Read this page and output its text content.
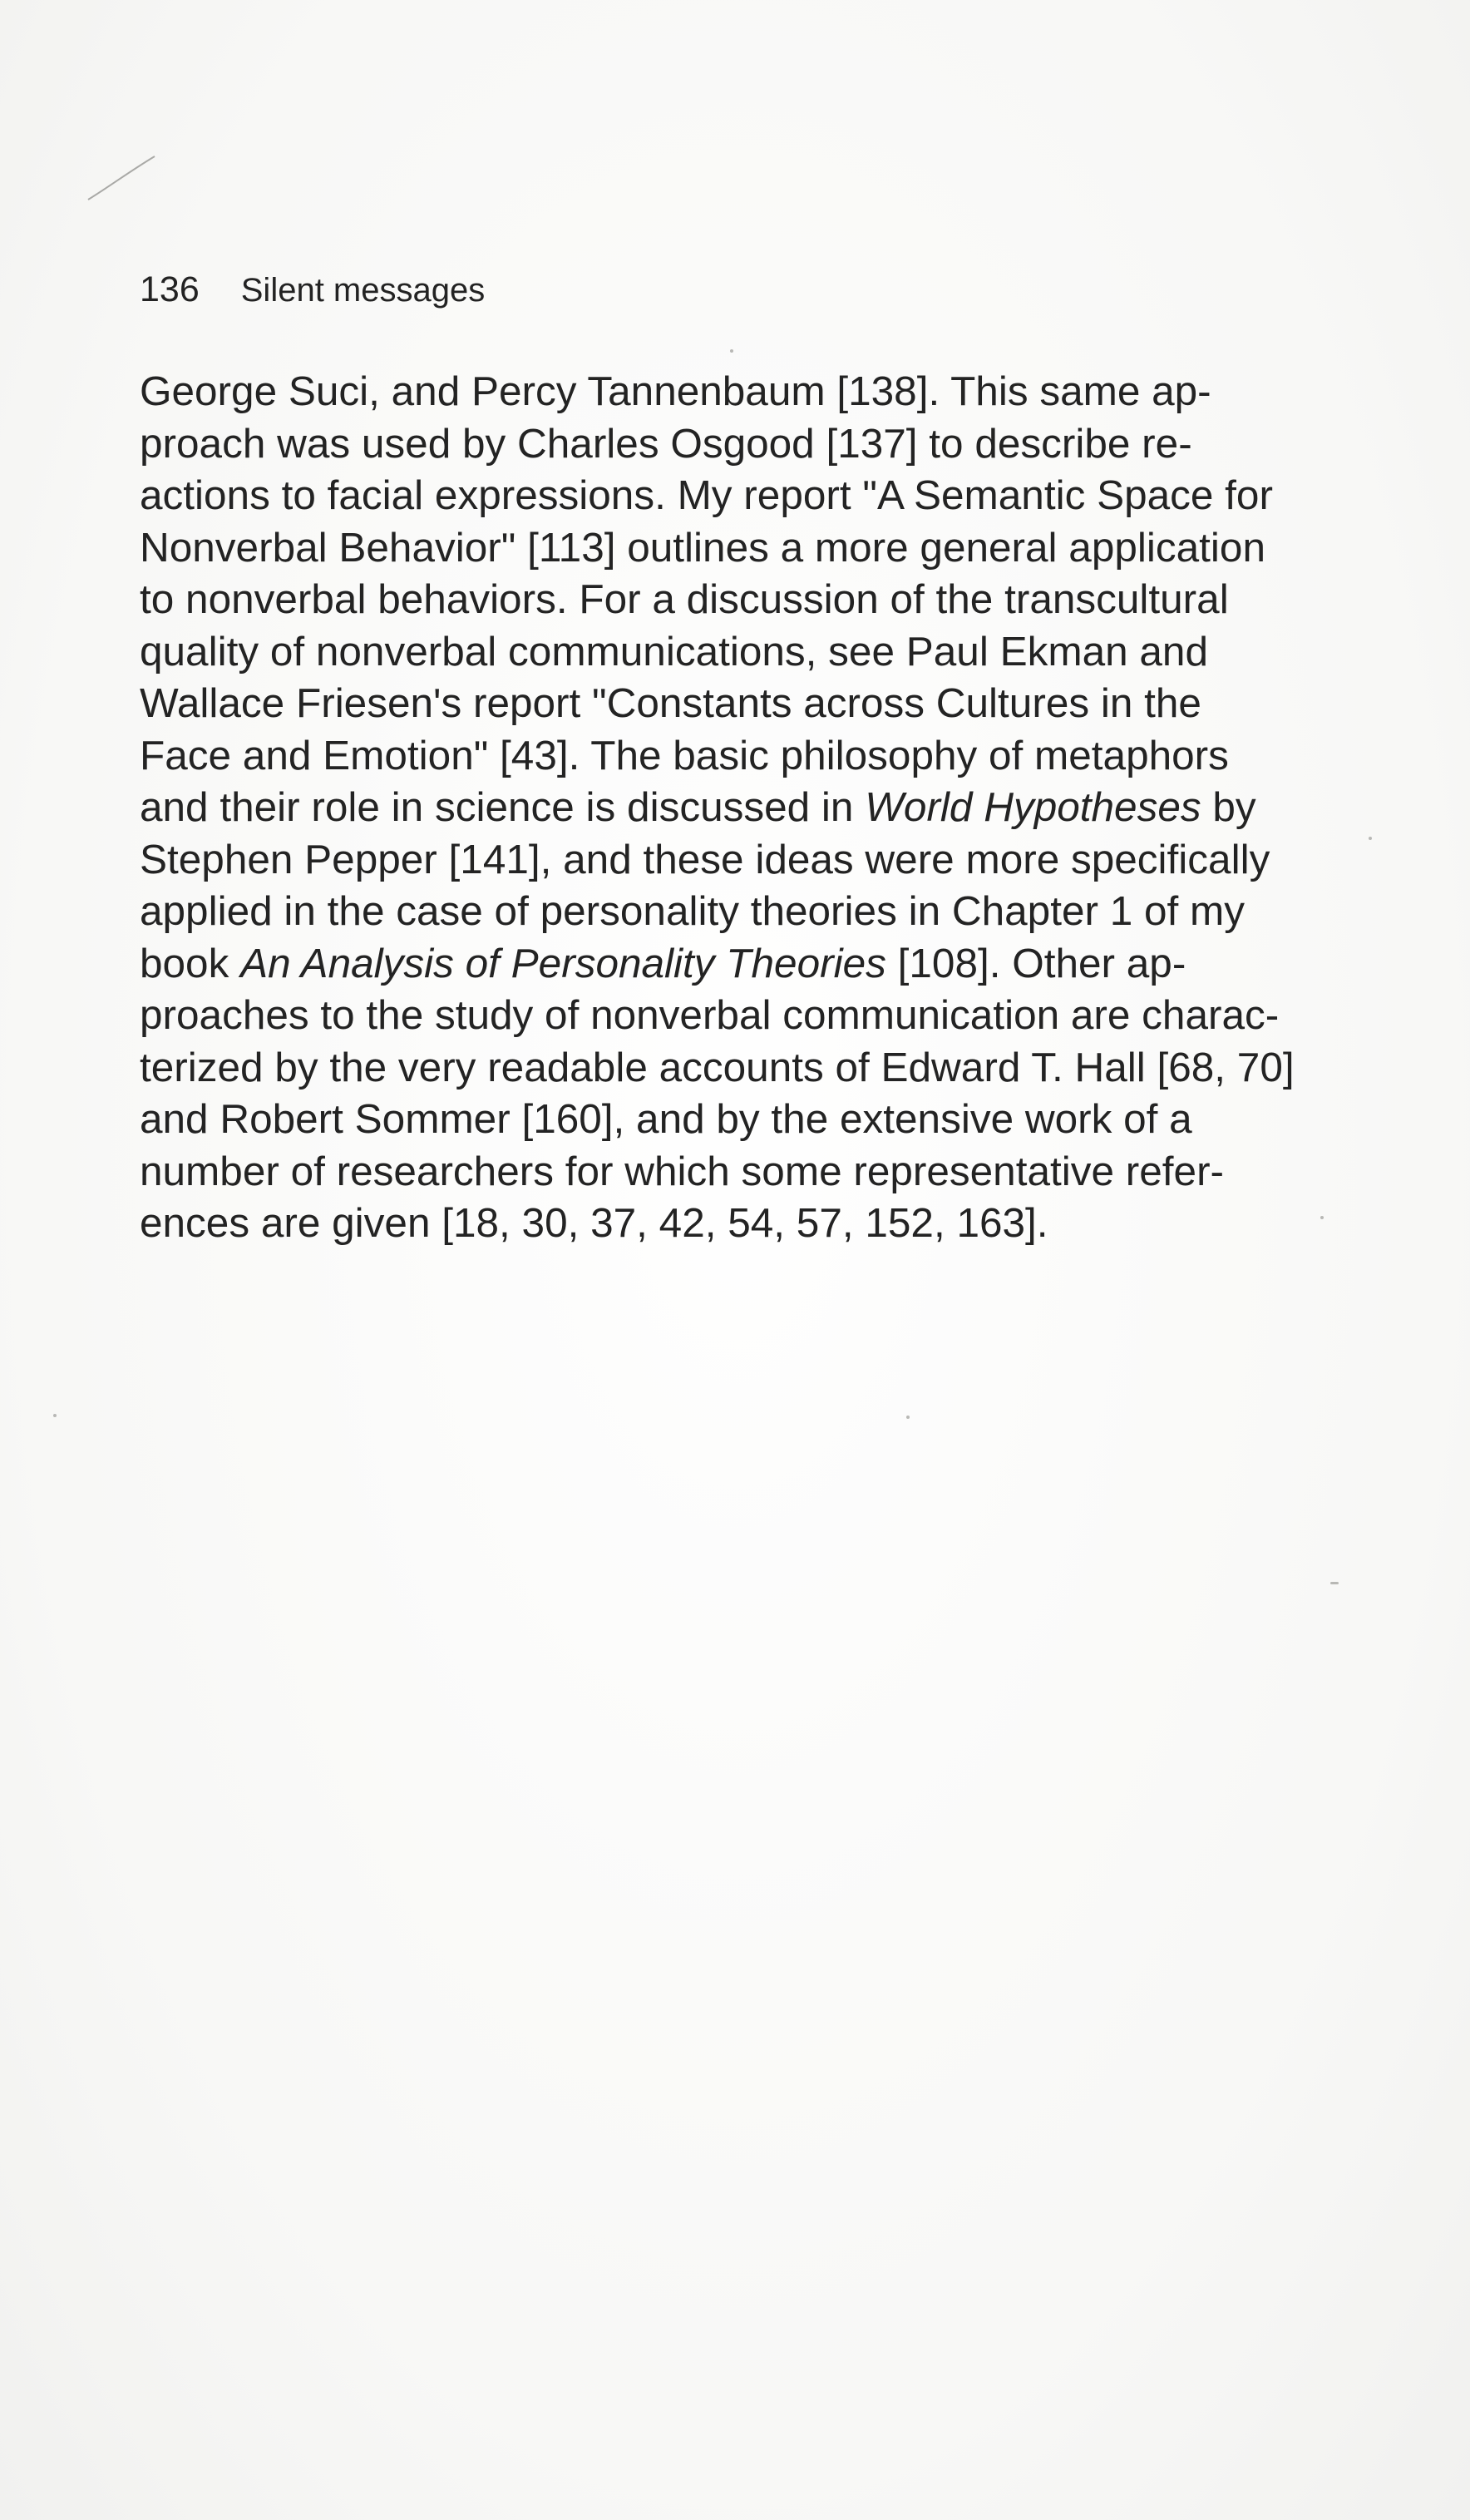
136 Silent messages
George Suci, and Percy Tannenbaum [138]. This same ap-
proach was used by Charles Osgood [137] to describe re-
actions to facial expressions. My report "A Semantic Space for
Nonverbal Behavior" [113] outlines a more general application
to nonverbal behaviors. For a discussion of the transcultural
quality of nonverbal communications, see Paul Ekman and
Wallace Friesen's report "Constants across Cultures in the
Face and Emotion" [43]. The basic philosophy of metaphors
and their role in science is discussed in World Hypotheses by
Stephen Pepper [141], and these ideas were more specifically
applied in the case of personality theories in Chapter 1 of my
book An Analysis of Personality Theories [108]. Other ap-
proaches to the study of nonverbal communication are charac-
terized by the very readable accounts of Edward T. Hall [68, 70]
and Robert Sommer [160], and by the extensive work of a
number of researchers for which some representative refer-
ences are given [18, 30, 37, 42, 54, 57, 152, 163].
